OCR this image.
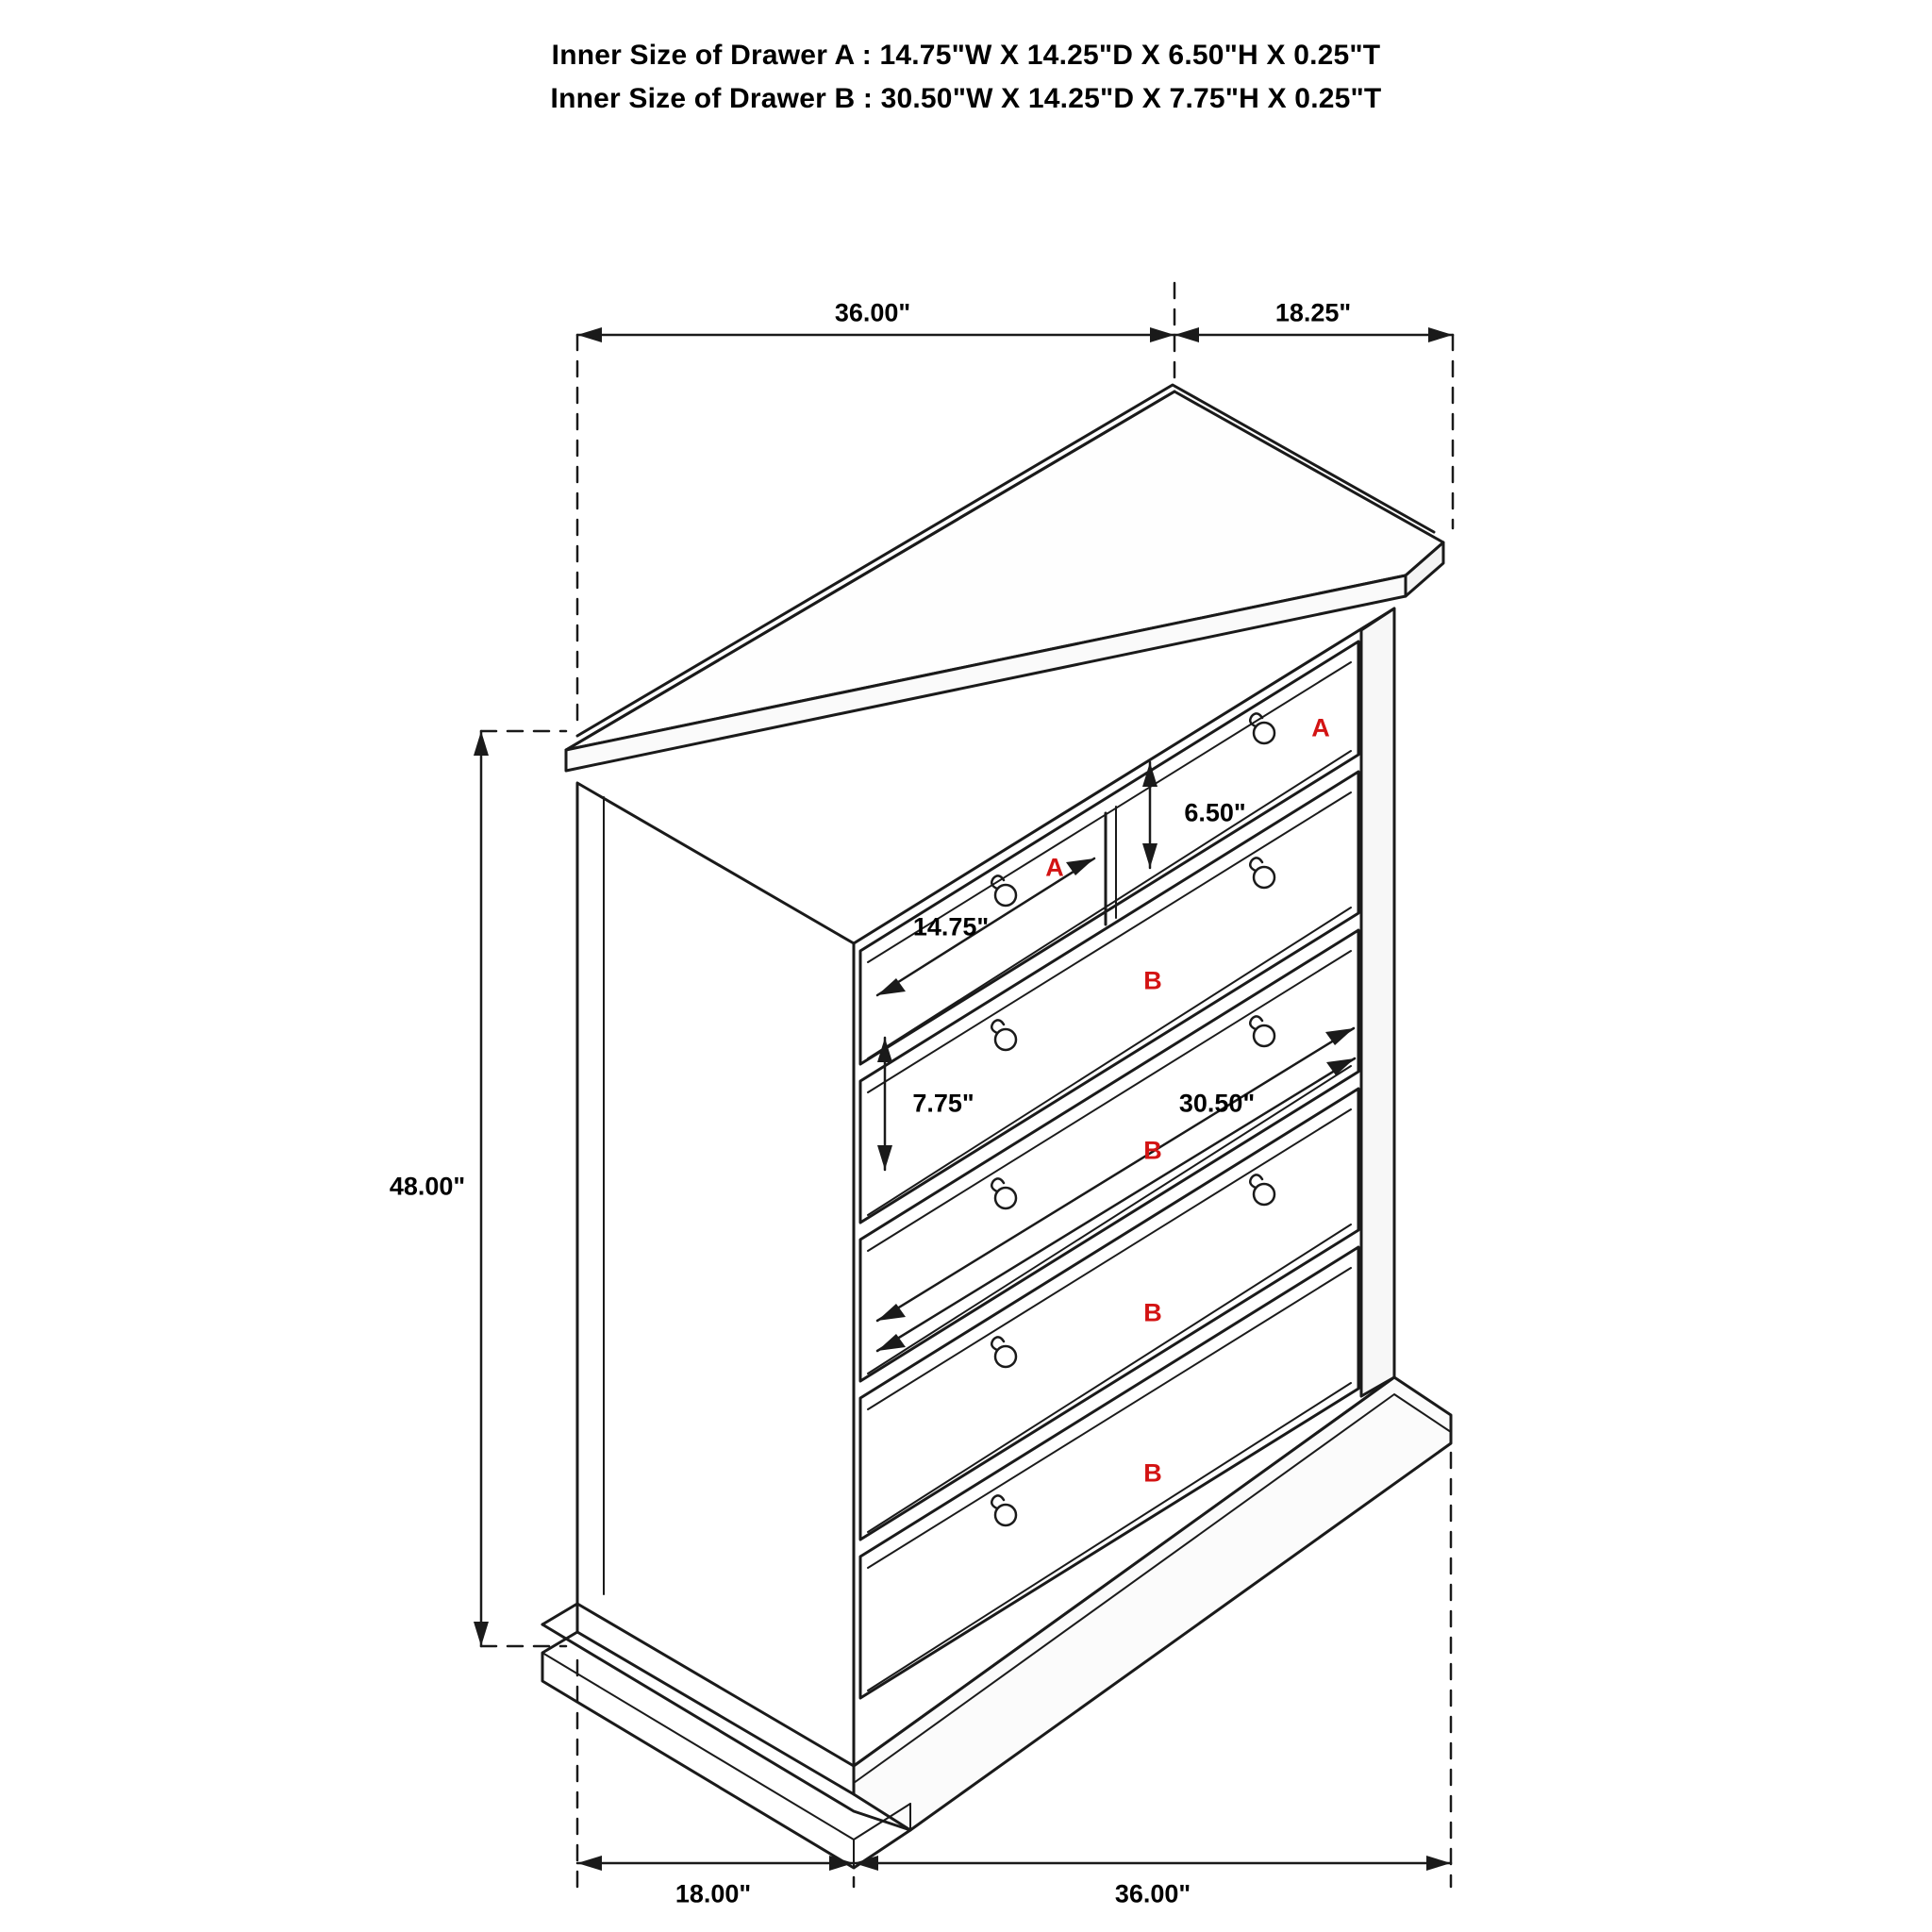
Inner Size of Drawer A : 14.75"W X 14.25"D X 6.50"H X 0.25"T
Inner Size of Drawer B : 30.50"W X 14.25"D X 7.75"H X 0.25"T
36.00"	18.25"
48.00"
18.00"	36.00"
6.50"
14.75"
7.75"	30.50"
A
A
B
B
B
B
